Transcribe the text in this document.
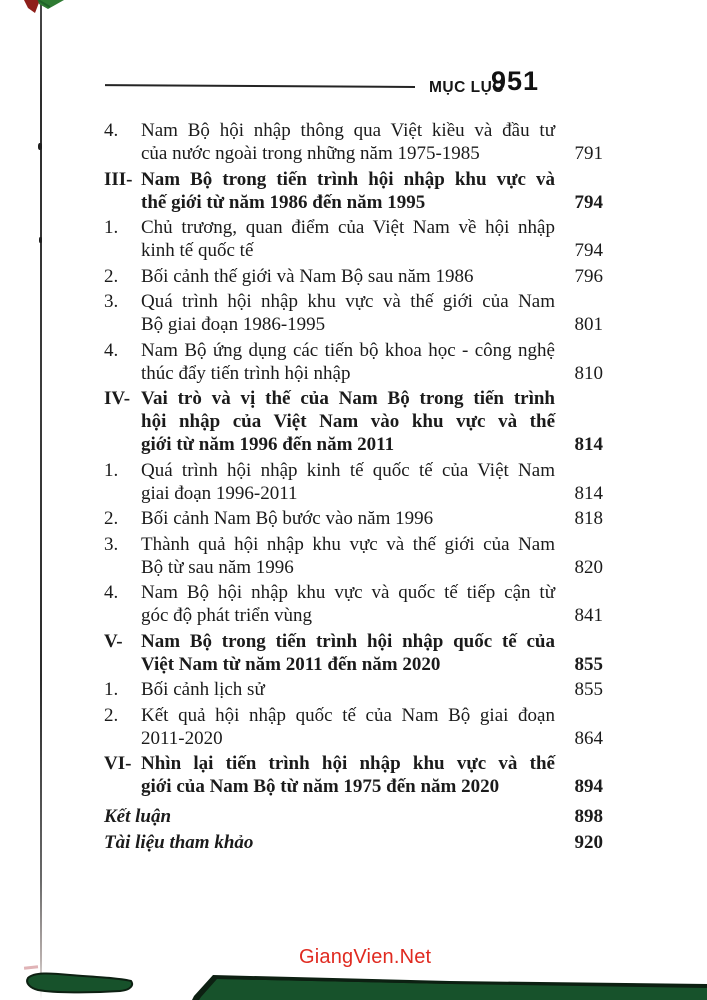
MỤC LỤC
951
4.	Nam Bộ hội nhập thông qua Việt kiều và đầu tư
của nước ngoài trong những năm 1975-1985	791
III- Nam Bộ trong tiến trình hội nhập khu vực và
thế giới từ năm 1986 đến năm 1995	794
1.	Chủ trương, quan điểm của Việt Nam về hội nhập
kinh tế quốc tế	794
2.	Bối cảnh thế giới và Nam Bộ sau năm 1986	796
3.	Quá trình hội nhập khu vực và thế giới của Nam
Bộ giai đoạn 1986-1995	801
4.	Nam Bộ ứng dụng các tiến bộ khoa học - công nghệ
thúc đẩy tiến trình hội nhập	810
IV- Vai trò và vị thế của Nam Bộ trong tiến trình
hội nhập của Việt Nam vào khu vực và thế
giới từ năm 1996 đến năm 2011	814
1.	Quá trình hội nhập kinh tế quốc tế của Việt Nam
giai đoạn 1996-2011	814
2.	Bối cảnh Nam Bộ bước vào năm 1996	818
3.	Thành quả hội nhập khu vực và thế giới của Nam
Bộ từ sau năm 1996	820
4.	Nam Bộ hội nhập khu vực và quốc tế tiếp cận từ
góc độ phát triển vùng	841
V- Nam Bộ trong tiến trình hội nhập quốc tế của
Việt Nam từ năm 2011 đến năm 2020	855
1.	Bối cảnh lịch sử	855
2.	Kết quả hội nhập quốc tế của Nam Bộ giai đoạn
2011-2020	864
VI- Nhìn lại tiến trình hội nhập khu vực và thế
giới của Nam Bộ từ năm 1975 đến năm 2020	894
Kết luận	898
Tài liệu tham khảo	920
GiangVien.Net
